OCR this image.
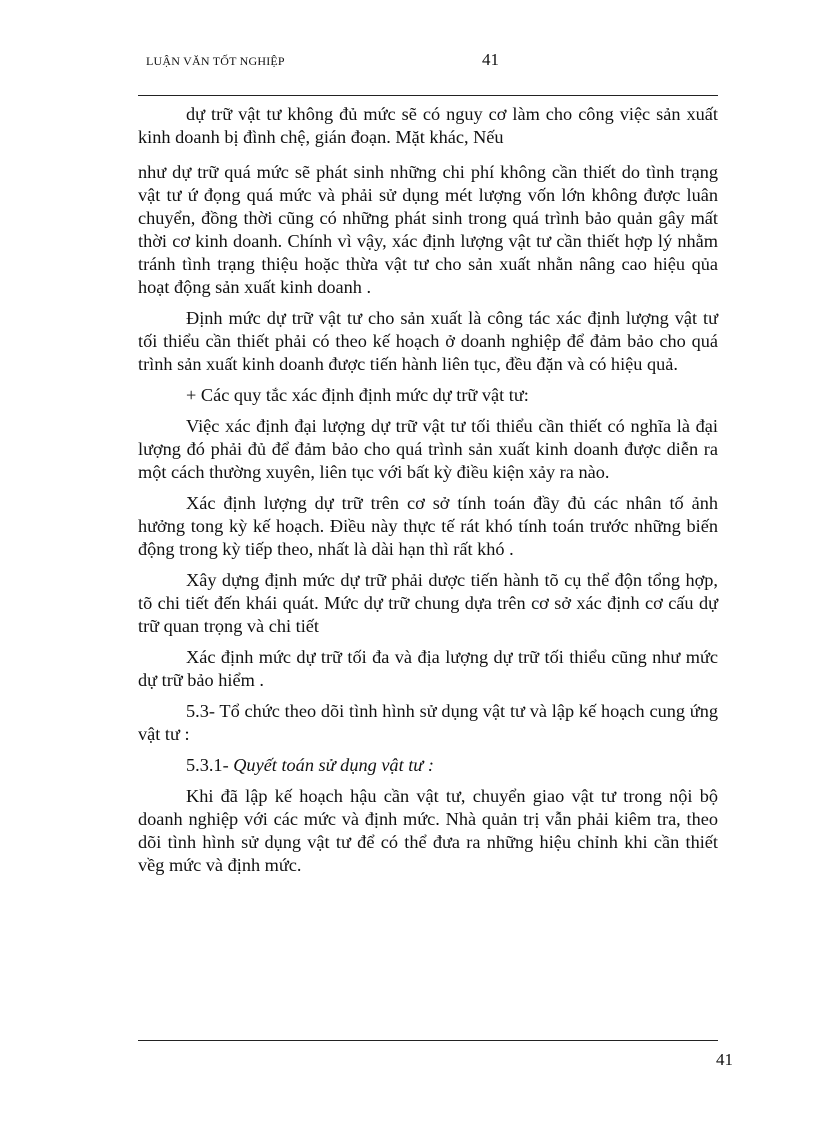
LUẬN VĂN TỐT NGHIỆP	41

dự trữ vật tư không đủ mức sẽ có nguy cơ làm cho công việc sản xuất kinh doanh bị đình chệ, gián đoạn. Mặt khác, Nếu

như dự trữ quá mức sẽ phát sinh những chi phí không cần thiết do tình trạng vật tư ứ đọng quá mức và phải sử dụng mét lượng vốn lớn không được luân chuyển, đồng thời cũng có những phát sinh trong quá trình bảo quản gây mất thời cơ kinh doanh. Chính vì vậy, xác định lượng vật tư cần thiết hợp lý nhằm tránh tình trạng thiệu hoặc thừa vật tư cho sản xuất nhằn nâng cao hiệu qủa hoạt động sản xuất kinh doanh .

Định mức dự trữ vật tư cho sản xuất là công tác xác định lượng vật tư tối thiểu cần thiết phải có theo kế hoạch ở doanh nghiệp để đảm bảo cho quá trình sản xuất kinh doanh được tiến hành liên tục, đều đặn và có hiệu quả.

+ Các quy tắc xác định định mức dự trữ vật tư:

Việc xác định đại lượng dự trữ vật tư tối thiểu cần thiết có nghĩa là đại lượng đó phải đủ để đảm bảo cho quá trình sản xuất kinh doanh được diễn ra một cách thường xuyên, liên tục với bất kỳ điều kiện xảy ra nào.

Xác định lượng dự trữ trên cơ sở tính toán đầy đủ các nhân tố ảnh hưởng tong kỳ kế hoạch. Điều này thực tế rát khó tính toán trước những biến động trong kỳ tiếp theo, nhất là dài hạn thì rất khó .

Xây dựng định mức dự trữ phải dược tiến hành tõ cụ thể độn tổng hợp, tõ chi tiết đến khái quát. Mức dự trữ chung dựa trên cơ sở xác định cơ cấu dự trữ quan trọng và chi tiết

Xác định mức dự trữ tối đa và địa lượng dự trữ tối thiểu cũng như mức dự trữ bảo hiểm .

5.3- Tổ chức theo dõi tình hình sử dụng vật tư và lập kế hoạch cung ứng vật tư :

5.3.1- Quyết toán sử dụng vật tư :

Khi đã lập kế hoạch hậu cần vật tư, chuyển giao vật tư trong nội bộ doanh nghiệp với các mức và định mức. Nhà quản trị vẫn phải kiêm tra, theo dõi tình hình sử dụng vật tư để có thể đưa ra những hiệu chỉnh khi cần thiết vềg mức và định mức.

41
